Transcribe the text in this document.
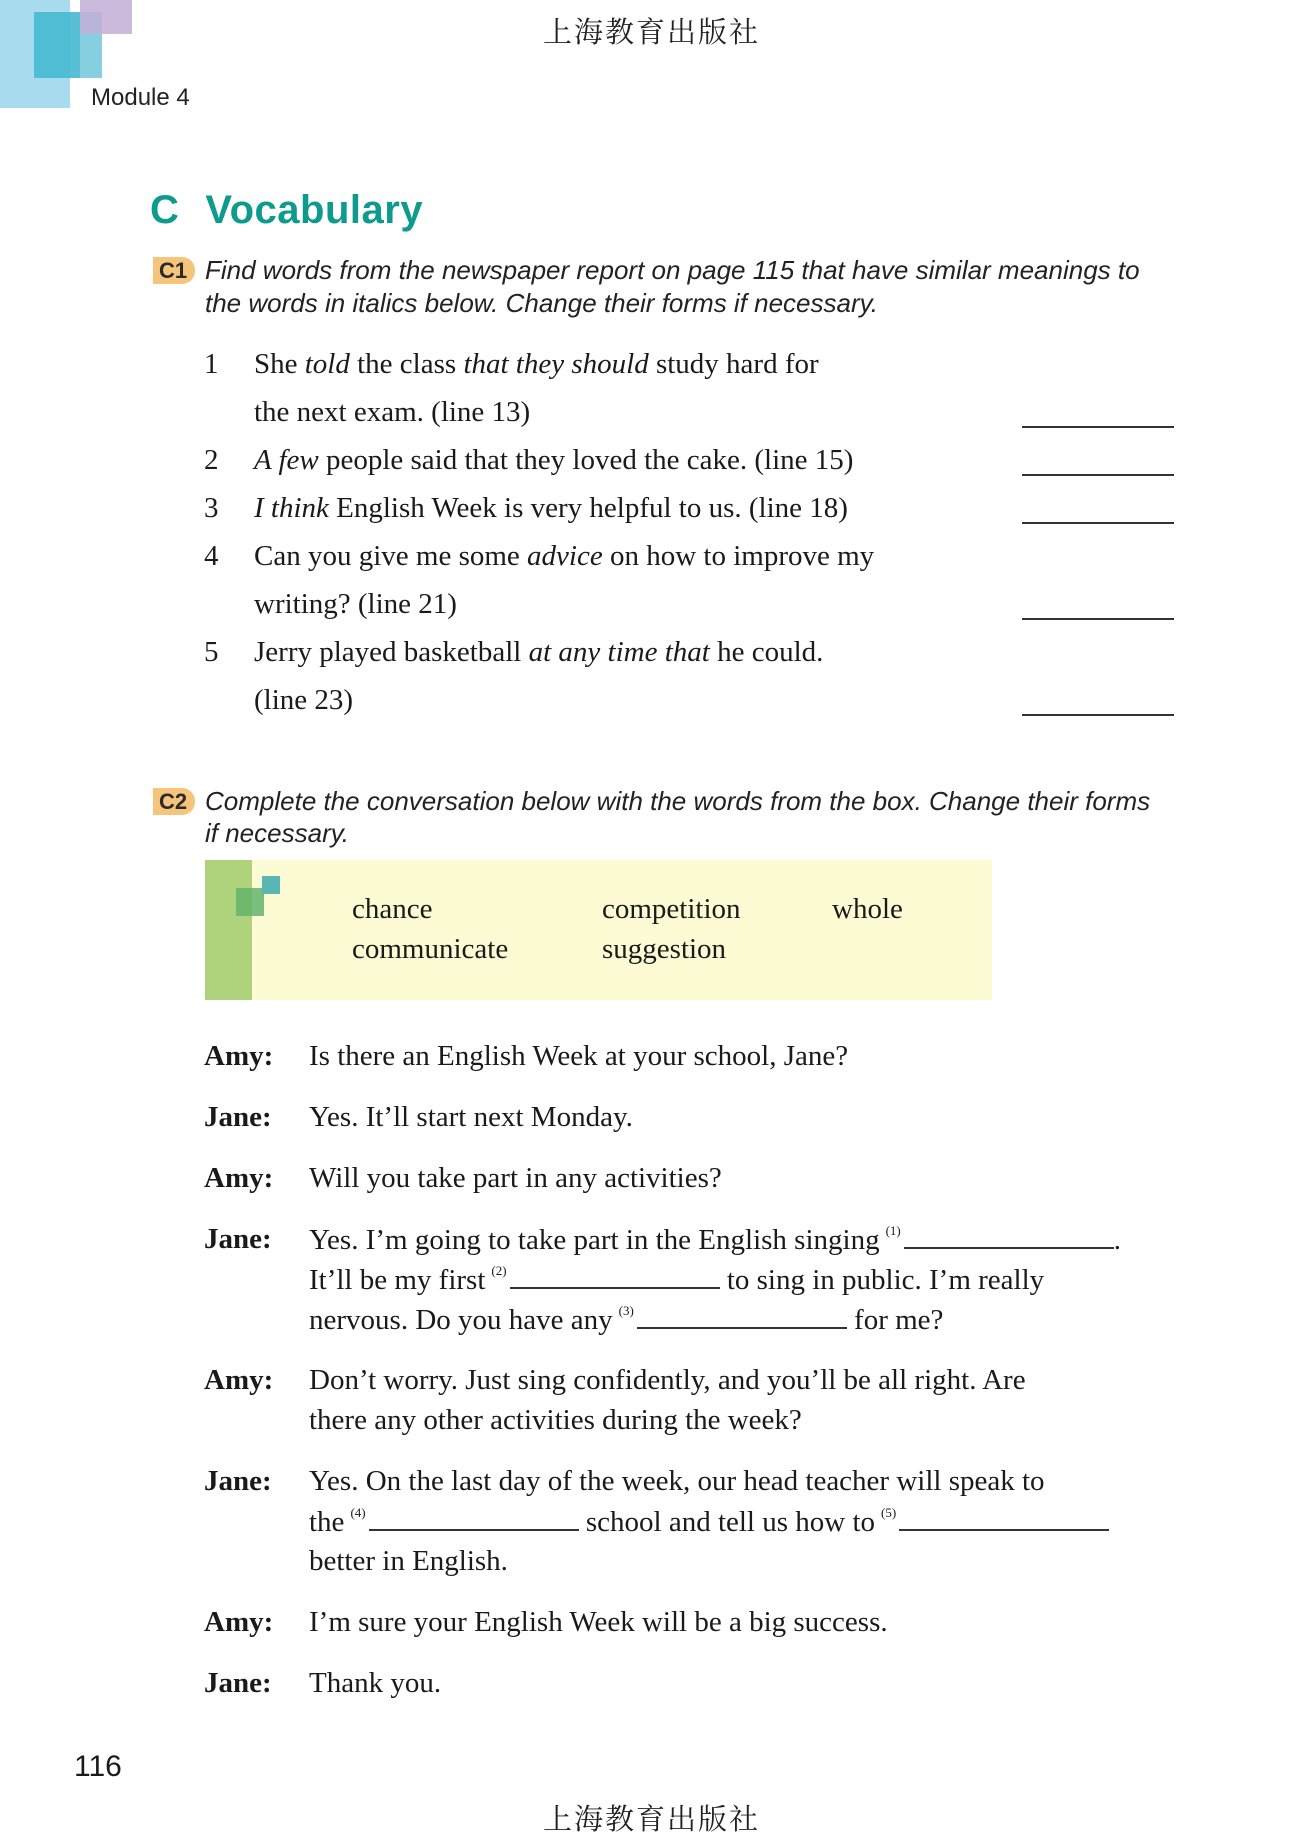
上海教育出版社
Module 4
C Vocabulary
C1 Find words from the newspaper report on page 115 that have similar meanings to
the words in italics below. Change their forms if necessary.
1 She told the class that they should study hard for
the next exam. (line 13)
2 A few people said that they loved the cake. (line 15)
3 I think English Week is very helpful to us. (line 18)
4 Can you give me some advice on how to improve my
writing? (line 21)
5 Jerry played basketball at any time that he could.
(line 23)
C2 Complete the conversation below with the words from the box. Change their forms
if necessary.
chance	competition	whole
communicate	suggestion
Amy: Is there an English Week at your school, Jane?
Jane: Yes. It’ll start next Monday.
Amy: Will you take part in any activities?
Jane: Yes. I’m going to take part in the English singing $^{(1)}$	.
It’ll be my first $^{(2)}$	to sing in public. I’m really
nervous. Do you have any $^{(3)}$	for me?
Amy: Don’t worry. Just sing confidently, and you’ll be all right. Are
there any other activities during the week?
Jane: Yes. On the last day of the week, our head teacher will speak to
the $^{(4)}$	school and tell us how to $^{(5)}$
better in English.
Amy: I’m sure your English Week will be a big success.
Jane: Thank you.
116
上海教育出版社
